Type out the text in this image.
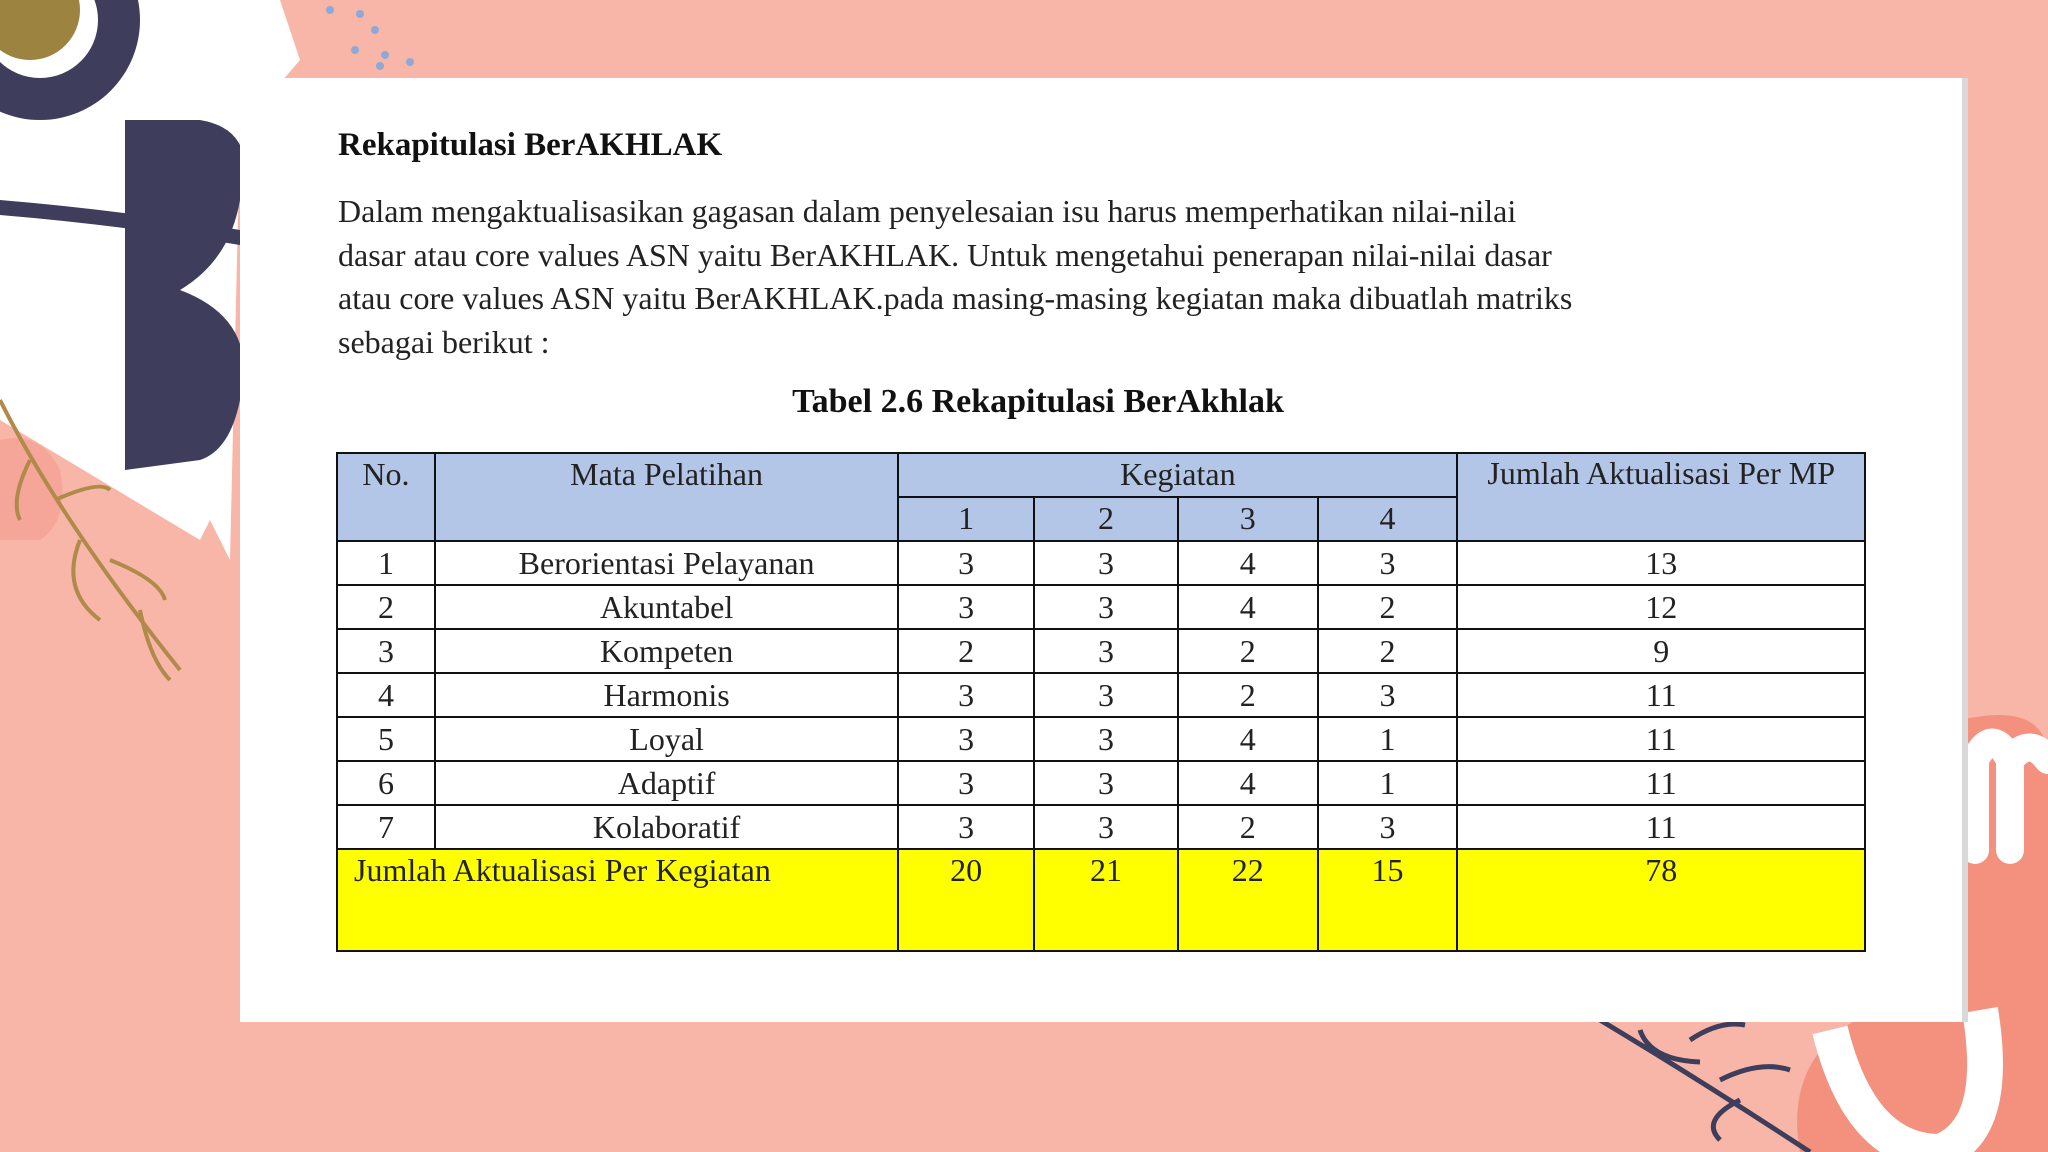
Rekapitulasi BerAKHLAK
Dalam mengaktualisasikan gagasan dalam penyelesaian isu harus memperhatikan nilai-nilai
dasar atau core values ASN yaitu BerAKHLAK. Untuk mengetahui penerapan nilai-nilai dasar
atau core values ASN yaitu BerAKHLAK.pada masing-masing kegiatan maka dibuatlah matriks
sebagai berikut :
Tabel 2.6 Rekapitulasi BerAkhlak
No.	Mata Pelatihan	Kegiatan				Jumlah Aktualisasi Per MP
		1	2	3	4	
1	Berorientasi Pelayanan	3	3	4	3	13
2	Akuntabel	3	3	4	2	12
3	Kompeten	2	3	2	2	9
4	Harmonis	3	3	2	3	11
5	Loyal	3	3	4	1	11
6	Adaptif	3	3	4	1	11
7	Kolaboratif	3	3	2	3	11
Jumlah Aktualisasi Per Kegiatan		20	21	22	15	78
